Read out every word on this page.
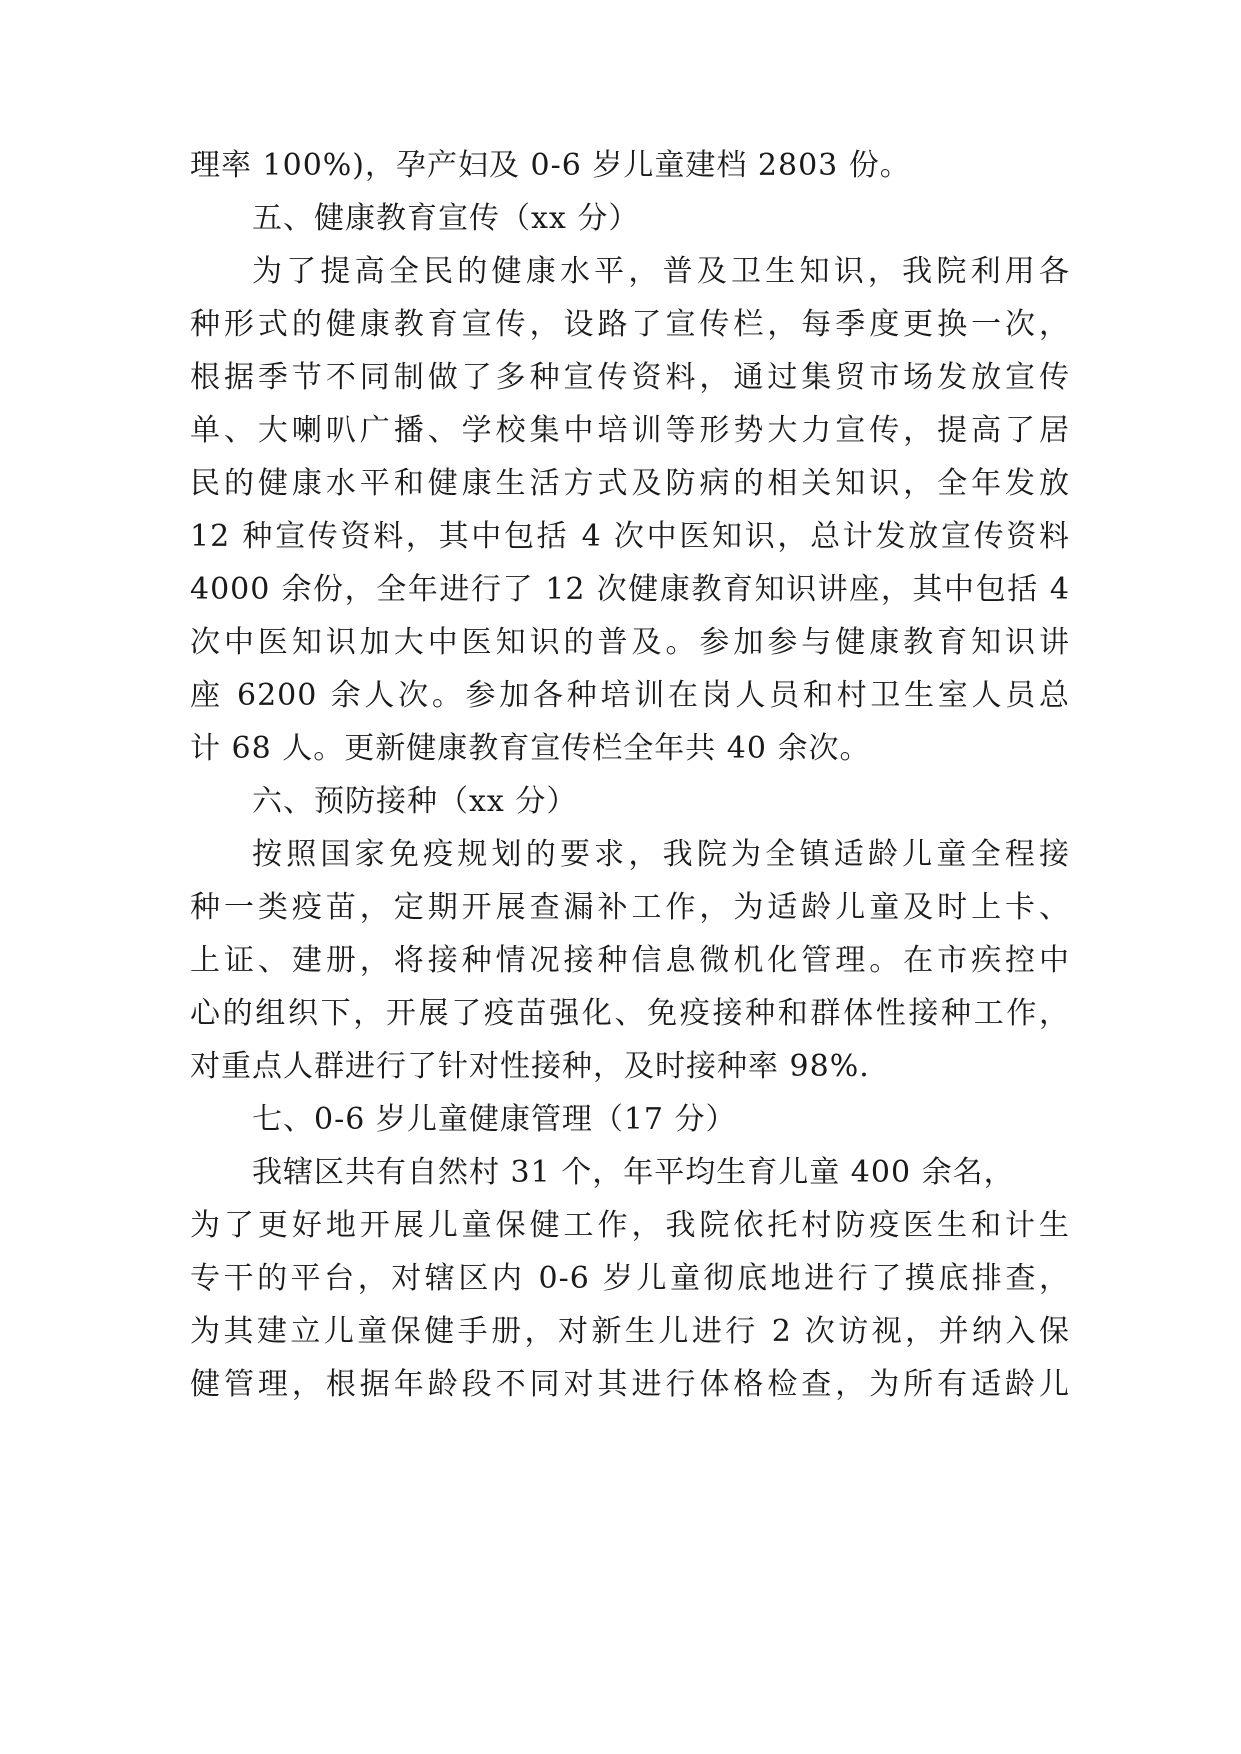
理率 100%)，孕产妇及 0-6 岁儿童建档 2803 份。
五、健康教育宣传（xx 分）
为了提高全民的健康水平，普及卫生知识，我院利用各
种形式的健康教育宣传，设路了宣传栏，每季度更换一次，
根据季节不同制做了多种宣传资料，通过集贸市场发放宣传
单、大喇叭广播、学校集中培训等形势大力宣传，提高了居
民的健康水平和健康生活方式及防病的相关知识，全年发放
12 种宣传资料，其中包括 4 次中医知识，总计发放宣传资料
4000 余份，全年进行了 12 次健康教育知识讲座，其中包括 4
次中医知识加大中医知识的普及。参加参与健康教育知识讲
座 6200 余人次。参加各种培训在岗人员和村卫生室人员总
计 68 人。更新健康教育宣传栏全年共 40 余次。
六、预防接种（xx 分）
按照国家免疫规划的要求，我院为全镇适龄儿童全程接
种一类疫苗，定期开展查漏补工作，为适龄儿童及时上卡、
上证、建册，将接种情况接种信息微机化管理。在市疾控中
心的组织下，开展了疫苗强化、免疫接种和群体性接种工作，
对重点人群进行了针对性接种，及时接种率 98%.
七、0-6 岁儿童健康管理（17 分）
我辖区共有自然村 31 个，年平均生育儿童 400 余名，
为了更好地开展儿童保健工作，我院依托村防疫医生和计生
专干的平台，对辖区内 0-6 岁儿童彻底地进行了摸底排查，
为其建立儿童保健手册，对新生儿进行 2 次访视，并纳入保
健管理，根据年龄段不同对其进行体格检查，为所有适龄儿
